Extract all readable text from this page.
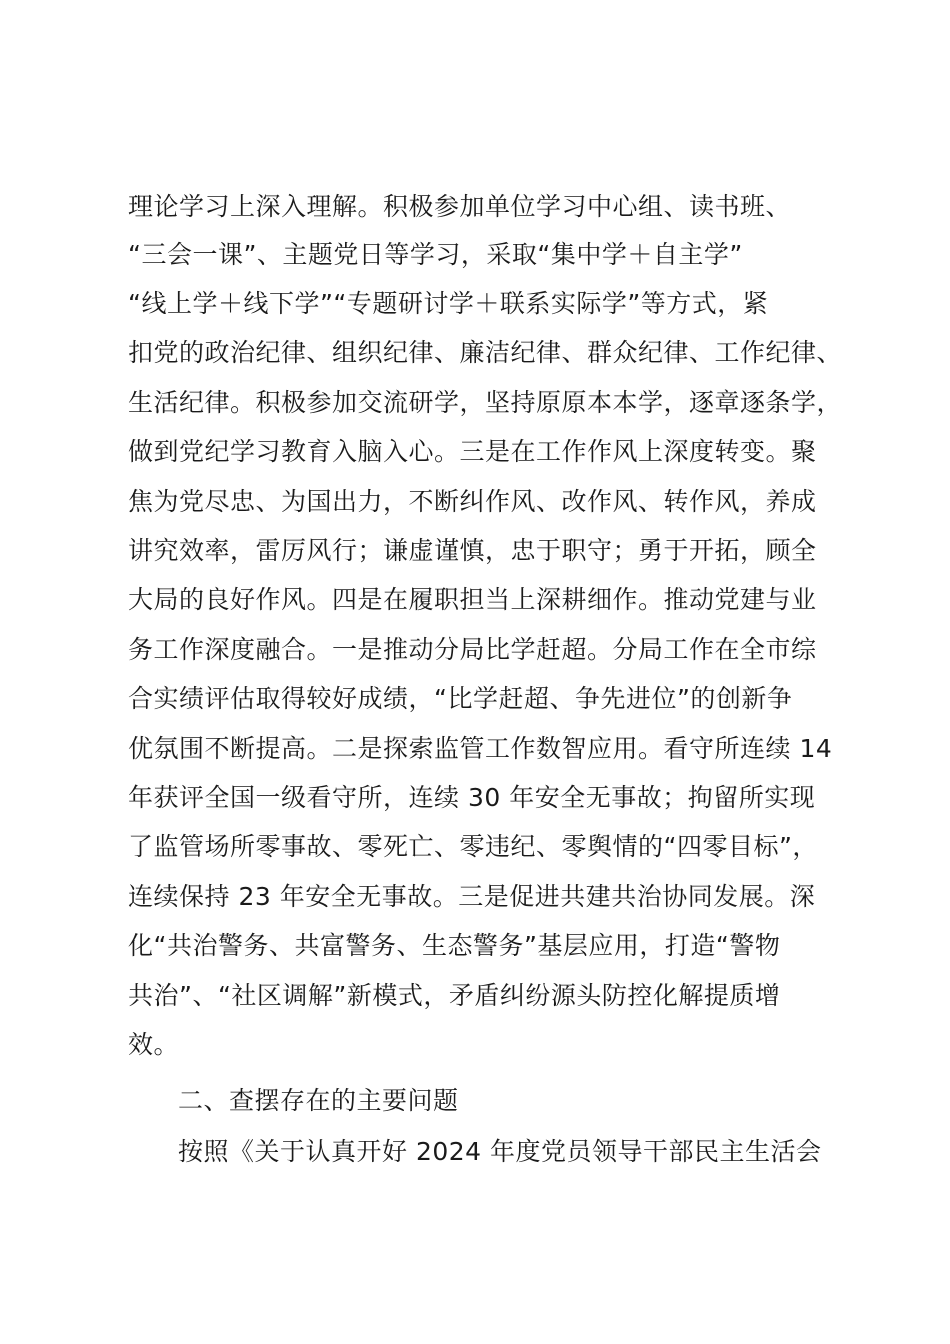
理论学习上深入理解。积极参加单位学习中心组、读书班、
“三会一课”、主题党日等学习，采取“集中学＋自主学”
“线上学＋线下学”“专题研讨学＋联系实际学”等方式，紧
扣党的政治纪律、组织纪律、廉洁纪律、群众纪律、工作纪律、
生活纪律。积极参加交流研学，坚持原原本本学，逐章逐条学，
做到党纪学习教育入脑入心。三是在工作作风上深度转变。聚
焦为党尽忠、为国出力，不断纠作风、改作风、转作风，养成
讲究效率，雷厉风行；谦虚谨慎，忠于职守；勇于开拓，顾全
大局的良好作风。四是在履职担当上深耕细作。推动党建与业
务工作深度融合。一是推动分局比学赶超。分局工作在全市综
合实绩评估取得较好成绩，“比学赶超、争先进位”的创新争
优氛围不断提高。二是探索监管工作数智应用。看守所连续 14
年获评全国一级看守所，连续 30 年安全无事故；拘留所实现
了监管场所零事故、零死亡、零违纪、零舆情的“四零目标”，
连续保持 23 年安全无事故。三是促进共建共治协同发展。深
化“共治警务、共富警务、生态警务”基层应用，打造“警物
共治”、“社区调解”新模式，矛盾纠纷源头防控化解提质增
效。
二、查摆存在的主要问题
按照《关于认真开好 2024 年度党员领导干部民主生活会
